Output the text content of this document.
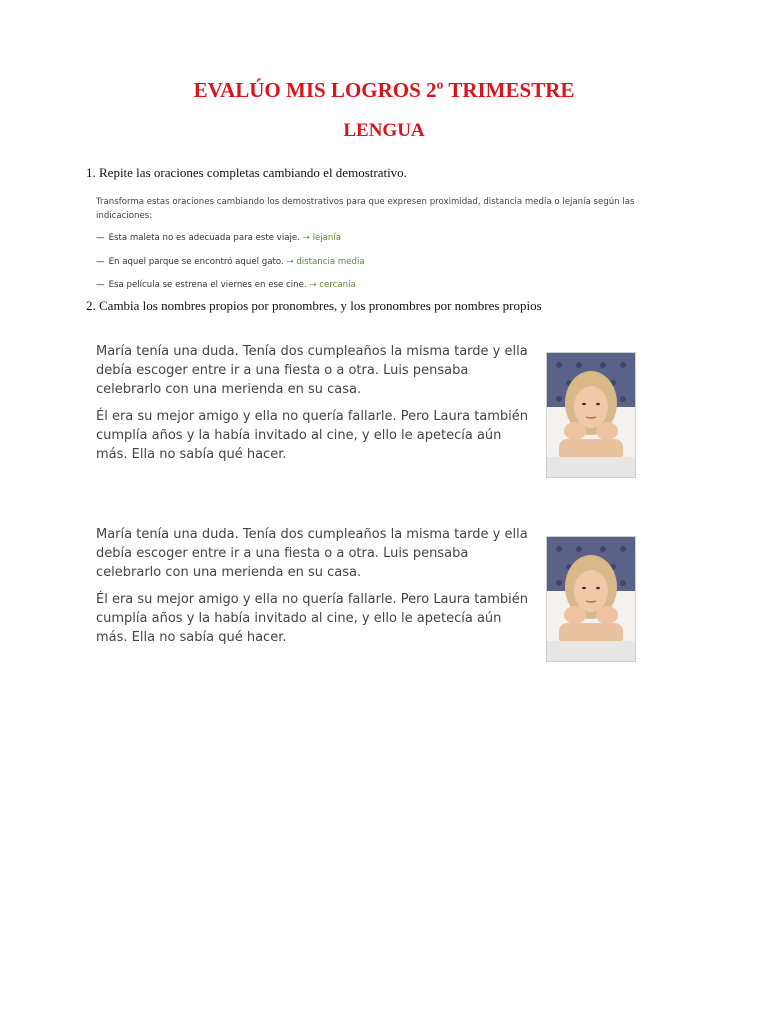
EVALÚO MIS LOGROS 2º TRIMESTRE
LENGUA
1. Repite las oraciones completas cambiando el demostrativo.
Transforma estas oraciones cambiando los demostrativos para que expresen proximidad, distancia media o lejanía según las indicaciones:
— Esta maleta no es adecuada para este viaje. → lejanía
— En aquel parque se encontró aquel gato. → distancia media
— Esa película se estrena el viernes en ese cine. → cercanía
2. Cambia los nombres propios por pronombres, y los pronombres por nombres propios

María tenía una duda. Tenía dos cumpleaños la misma tarde y ella debía escoger entre ir a una fiesta o a otra. Luis pensaba celebrarlo con una merienda en su casa.

Él era su mejor amigo y ella no quería fallarle. Pero Laura también cumplía años y la había invitado al cine, y ello le apetecía aún más. Ella no sabía qué hacer.

María tenía una duda. Tenía dos cumpleaños la misma tarde y ella debía escoger entre ir a una fiesta o a otra. Luis pensaba celebrarlo con una merienda en su casa.

Él era su mejor amigo y ella no quería fallarle. Pero Laura también cumplía años y la había invitado al cine, y ello le apetecía aún más. Ella no sabía qué hacer.
